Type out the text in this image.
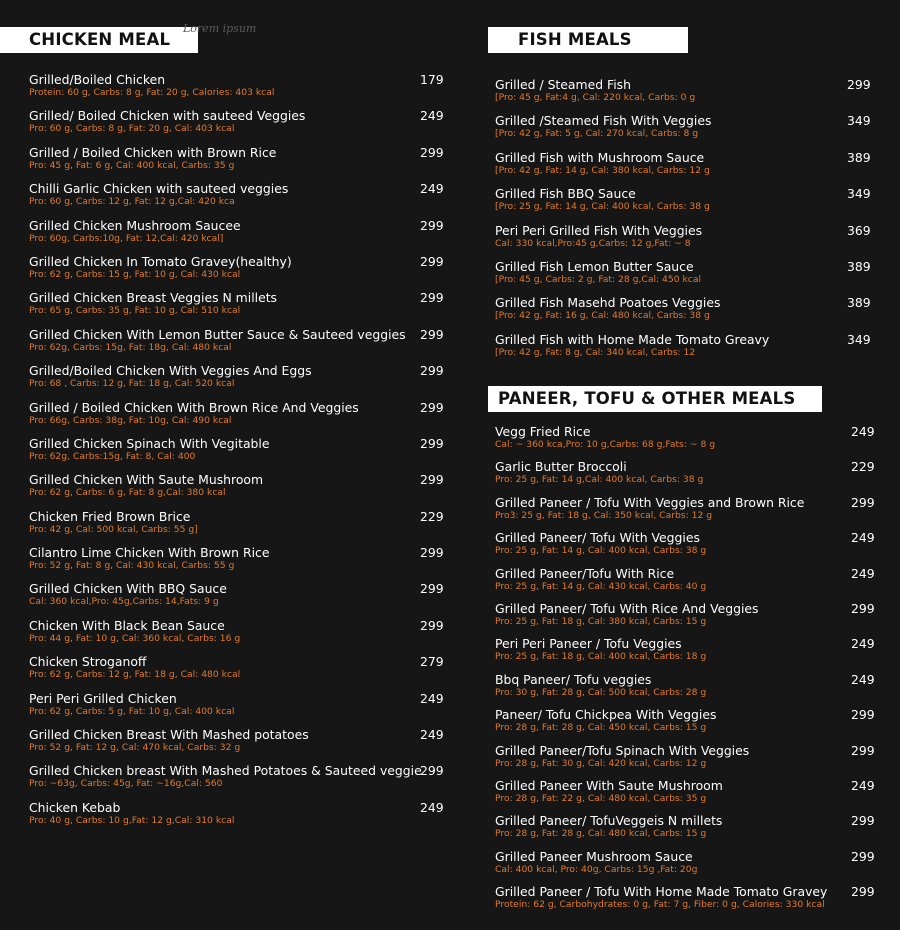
CHICKEN MEAL
Lorem ipsum
FISH MEALS
PANEER, TOFU & OTHER MEALS
Grilled/Boiled Chicken
Protein: 60 g, Carbs: 8 g, Fat: 20 g, Calories: 403 kcal
179
Grilled/ Boiled Chicken with sauteed Veggies
Pro: 60 g, Carbs: 8 g, Fat: 20 g, Cal: 403 kcal
249
Grilled / Boiled Chicken with Brown Rice
Pro: 45 g, Fat: 6 g, Cal: 400 kcal, Carbs: 35 g
299
Chilli Garlic Chicken with sauteed veggies
Pro: 60 g, Carbs: 12 g, Fat: 12 g,Cal: 420 kca
249
Grilled Chicken Mushroom Saucee
Pro: 60g, Carbs:10g, Fat: 12,Cal: 420 kcal]
299
Grilled Chicken In Tomato Gravey(healthy)
Pro: 62 g, Carbs: 15 g, Fat: 10 g, Cal: 430 kcal
299
Grilled Chicken Breast Veggies N millets
Pro: 65 g, Carbs: 35 g, Fat: 10 g, Cal: 510 kcal
299
Grilled Chicken With Lemon Butter Sauce & Sauteed veggies
Pro: 62g, Carbs: 15g, Fat: 18g, Cal: 480 kcal
299
Grilled/Boiled Chicken With Veggies And Eggs
Pro: 68 , Carbs: 12 g, Fat: 18 g, Cal: 520 kcal
299
Grilled / Boiled Chicken With Brown Rice And Veggies
Pro: 66g, Carbs: 38g, Fat: 10g, Cal: 490 kcal
299
Grilled Chicken Spinach With Vegitable
Pro: 62g, Carbs:15g, Fat: 8, Cal: 400
299
Grilled Chicken With Saute Mushroom
Pro: 62 g, Carbs: 6 g, Fat: 8 g,Cal: 380 kcal
299
Chicken Fried Brown Brice
Pro: 42 g, Cal: 500 kcal, Carbs: 55 g]
229
Cilantro Lime Chicken With Brown Rice
Pro: 52 g, Fat: 8 g, Cal: 430 kcal, Carbs: 55 g
299
Grilled Chicken With BBQ Sauce
Cal: 360 kcal,Pro: 45g,Carbs: 14,Fats: 9 g
299
Chicken With Black Bean Sauce
Pro: 44 g, Fat: 10 g, Cal: 360 kcal, Carbs: 16 g
299
Chicken Stroganoff
Pro: 62 g, Carbs: 12 g, Fat: 18 g, Cal: 480 kcal
279
Peri Peri Grilled Chicken
Pro: 62 g, Carbs: 5 g, Fat: 10 g, Cal: 400 kcal
249
Grilled Chicken Breast With Mashed potatoes
Pro: 52 g, Fat: 12 g, Cal: 470 kcal, Carbs: 32 g
249
Grilled Chicken breast With Mashed Potatoes & Sauteed veggie
Pro: ~63g, Carbs: 45g, Fat: ~16g,Cal: 560
299
Chicken Kebab
Pro: 40 g, Carbs: 10 g,Fat: 12 g,Cal: 310 kcal
249
Grilled / Steamed Fish
[Pro: 45 g, Fat:4 g, Cal: 220 kcal, Carbs: 0 g
299
Grilled /Steamed Fish With Veggies
[Pro: 42 g, Fat: 5 g, Cal: 270 kcal, Carbs: 8 g
349
Grilled Fish with Mushroom Sauce
[Pro: 42 g, Fat: 14 g, Cal: 380 kcal, Carbs: 12 g
389
Grilled Fish BBQ Sauce
[Pro: 25 g, Fat: 14 g, Cal: 400 kcal, Carbs: 38 g
349
Peri Peri Grilled Fish With Veggies
Cal: 330 kcal,Pro:45 g,Carbs: 12 g,Fat: ~ 8
369
Grilled Fish Lemon Butter Sauce
[Pro: 45 g, Carbs: 2 g, Fat: 28 g,Cal: 450 kcal
389
Grilled Fish Masehd Poatoes Veggies
[Pro: 42 g, Fat: 16 g, Cal: 480 kcal, Carbs: 38 g
389
Grilled Fish with Home Made Tomato Greavy
[Pro: 42 g, Fat: 8 g, Cal: 340 kcal, Carbs: 12
349
Vegg Fried Rice
Cal: ~ 360 kca,Pro: 10 g,Carbs: 68 g,Fats: ~ 8 g
249
Garlic Butter Broccoli
Pro: 25 g, Fat: 14 g,Cal: 400 kcal, Carbs: 38 g
229
Grilled Paneer / Tofu With Veggies and Brown Rice
Pro3: 25 g, Fat: 18 g, Cal: 350 kcal, Carbs: 12 g
299
Grilled Paneer/ Tofu With Veggies
Pro: 25 g, Fat: 14 g, Cal: 400 kcal, Carbs: 38 g
249
Grilled Paneer/Tofu With Rice
Pro: 25 g, Fat: 14 g, Cal: 430 kcal, Carbs: 40 g
249
Grilled Paneer/ Tofu With Rice And Veggies
Pro: 25 g, Fat: 18 g, Cal: 380 kcal, Carbs: 15 g
299
Peri Peri Paneer / Tofu Veggies
Pro: 25 g, Fat: 18 g, Cal: 400 kcal, Carbs: 18 g
249
Bbq Paneer/ Tofu veggies
Pro: 30 g, Fat: 28 g, Cal: 500 kcal, Carbs: 28 g
249
Paneer/ Tofu Chickpea With Veggies
Pro: 28 g, Fat: 28 g, Cal: 450 kcal, Carbs: 15 g
299
Grilled Paneer/Tofu Spinach With Veggies
Pro: 28 g, Fat: 30 g, Cal: 420 kcal, Carbs: 12 g
299
Grilled Paneer With Saute Mushroom
Pro: 28 g, Fat: 22 g, Cal: 480 kcal, Carbs: 35 g
249
Grilled Paneer/ TofuVeggeis N millets
Pro: 28 g, Fat: 28 g, Cal: 480 kcal, Carbs: 15 g
299
Grilled Paneer Mushroom Sauce
Cal: 400 kcal, Pro: 40g, Carbs: 15g ,Fat: 20g
299
Grilled Paneer / Tofu With Home Made Tomato Gravey
Protein: 62 g, Carbohydrates: 0 g, Fat: 7 g, Fiber: 0 g, Calories: 330 kcal
299
